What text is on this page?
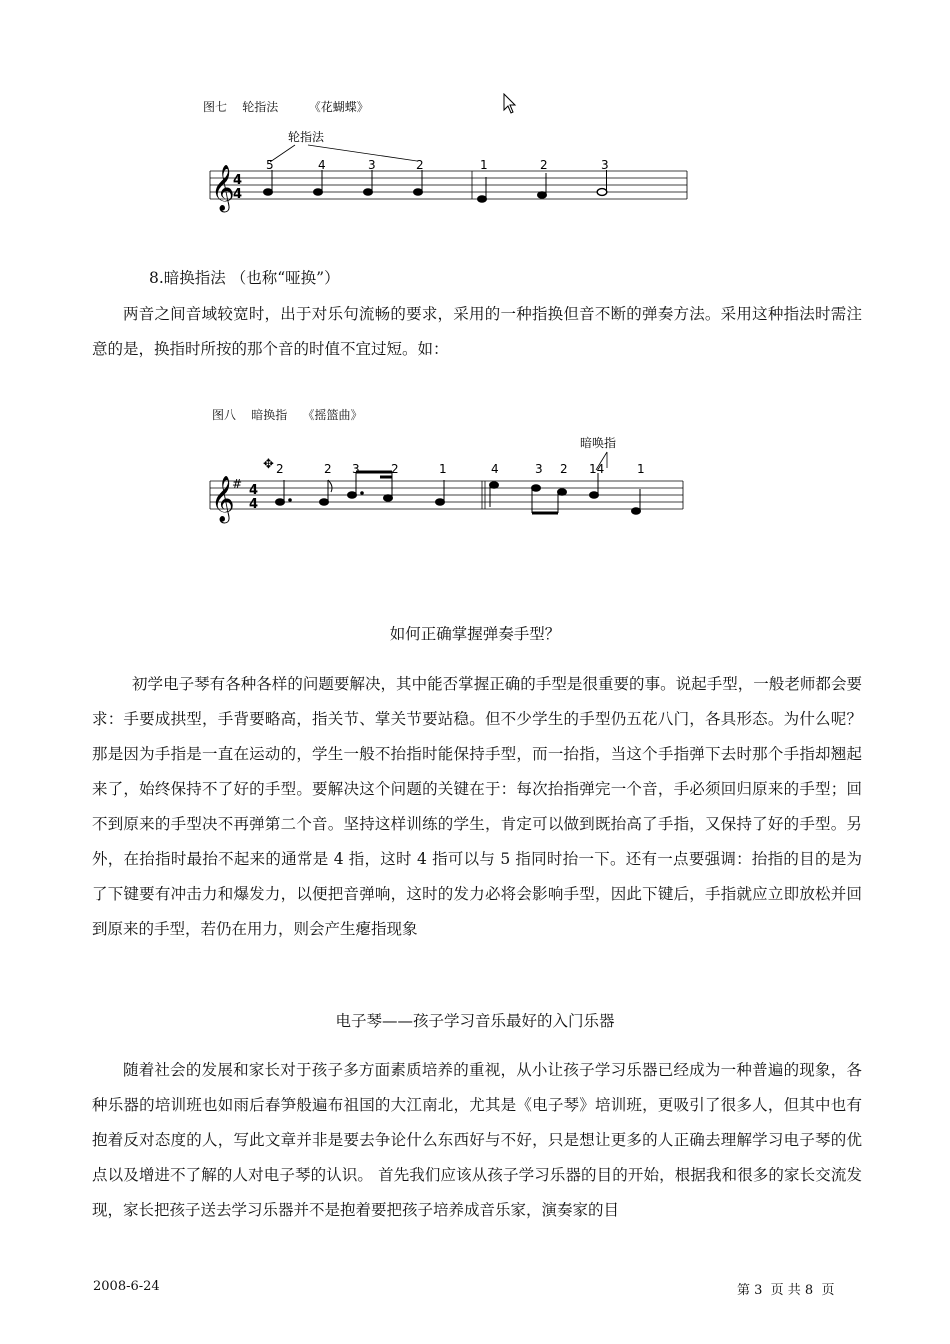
图七    轮指法        《花蝴蝶》
轮指法
𝄞
4
4
5	4	3	2	1	2	3
8.暗换指法 （也称“哑换”）

两音之间音域较宽时，出于对乐句流畅的要求，采用的一种指换但音不断的弹奏方法。采用这种指法时需注意的是，换指时所按的那个音的时值不宜过短。如：

图八    暗换指    《摇篮曲》
暗唤指
✥
𝄞
# 4
4
2	2 3	2	1	4	3 2 14	1
如何正确掌握弹奏手型？

初学电子琴有各种各样的问题要解决，其中能否掌握正确的手型是很重要的事。说起手型，一般老师都会要求：手要成拱型，手背要略高，指关节、掌关节要站稳。但不少学生的手型仍五花八门，各具形态。为什么呢？那是因为手指是一直在运动的，学生一般不抬指时能保持手型，而一抬指，当这个手指弹下去时那个手指却翘起来了，始终保持不了好的手型。要解决这个问题的关键在于：每次抬指弹完一个音，手必须回归原来的手型；回不到原来的手型决不再弹第二个音。坚持这样训练的学生，肯定可以做到既抬高了手指，又保持了好的手型。另外，在抬指时最抬不起来的通常是 4 指，这时 4 指可以与 5 指同时抬一下。还有一点要强调：抬指的目的是为了下键要有冲击力和爆发力，以便把音弹响，这时的发力必将会影响手型，因此下键后，手指就应立即放松并回到原来的手型，若仍在用力，则会产生瘪指现象

电子琴——孩子学习音乐最好的入门乐器

随着社会的发展和家长对于孩子多方面素质培养的重视，从小让孩子学习乐器已经成为一种普遍的现象，各种乐器的培训班也如雨后春笋般遍布祖国的大江南北，尤其是《电子琴》培训班，更吸引了很多人，但其中也有抱着反对态度的人，写此文章并非是要去争论什么东西好与不好，只是想让更多的人正确去理解学习电子琴的优点以及增进不了解的人对电子琴的认识。 首先我们应该从孩子学习乐器的目的开始，根据我和很多的家长交流发现，家长把孩子送去学习乐器并不是抱着要把孩子培养成音乐家，演奏家的目

2008-6-24	第 3  页 共 8  页
